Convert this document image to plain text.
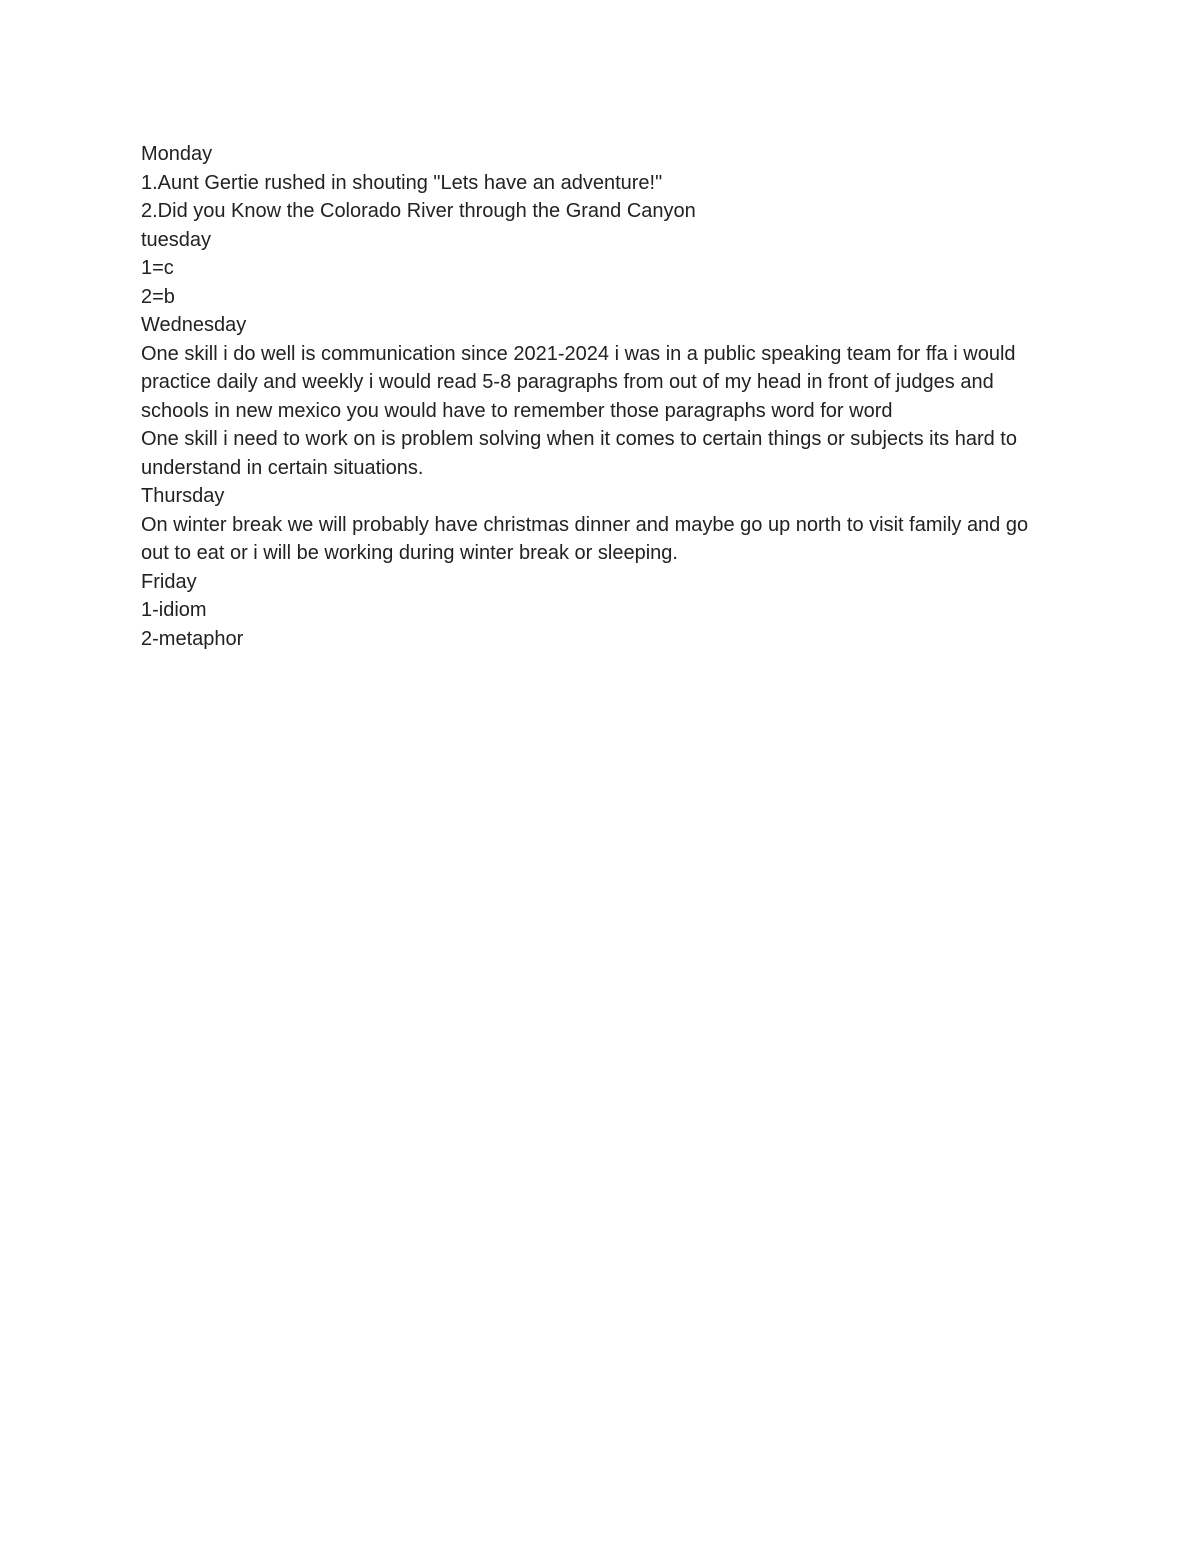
Monday

1.Aunt Gertie rushed in shouting "Lets have an adventure!"

2.Did you Know the Colorado River through the Grand Canyon

tuesday

1=c

2=b

Wednesday

One skill i do well is communication since 2021-2024 i was in a public speaking team for ffa i would practice daily and weekly i would read 5-8 paragraphs from out of my head in front of judges and schools in new mexico you would have to remember those paragraphs word for word

One skill i need to work on is problem solving when it comes to certain things or subjects its hard to understand in certain situations.

Thursday

On winter break we will probably have christmas dinner and maybe go up north to visit family and go out to eat or i will be working during winter break or sleeping.

Friday

1-idiom

2-metaphor
